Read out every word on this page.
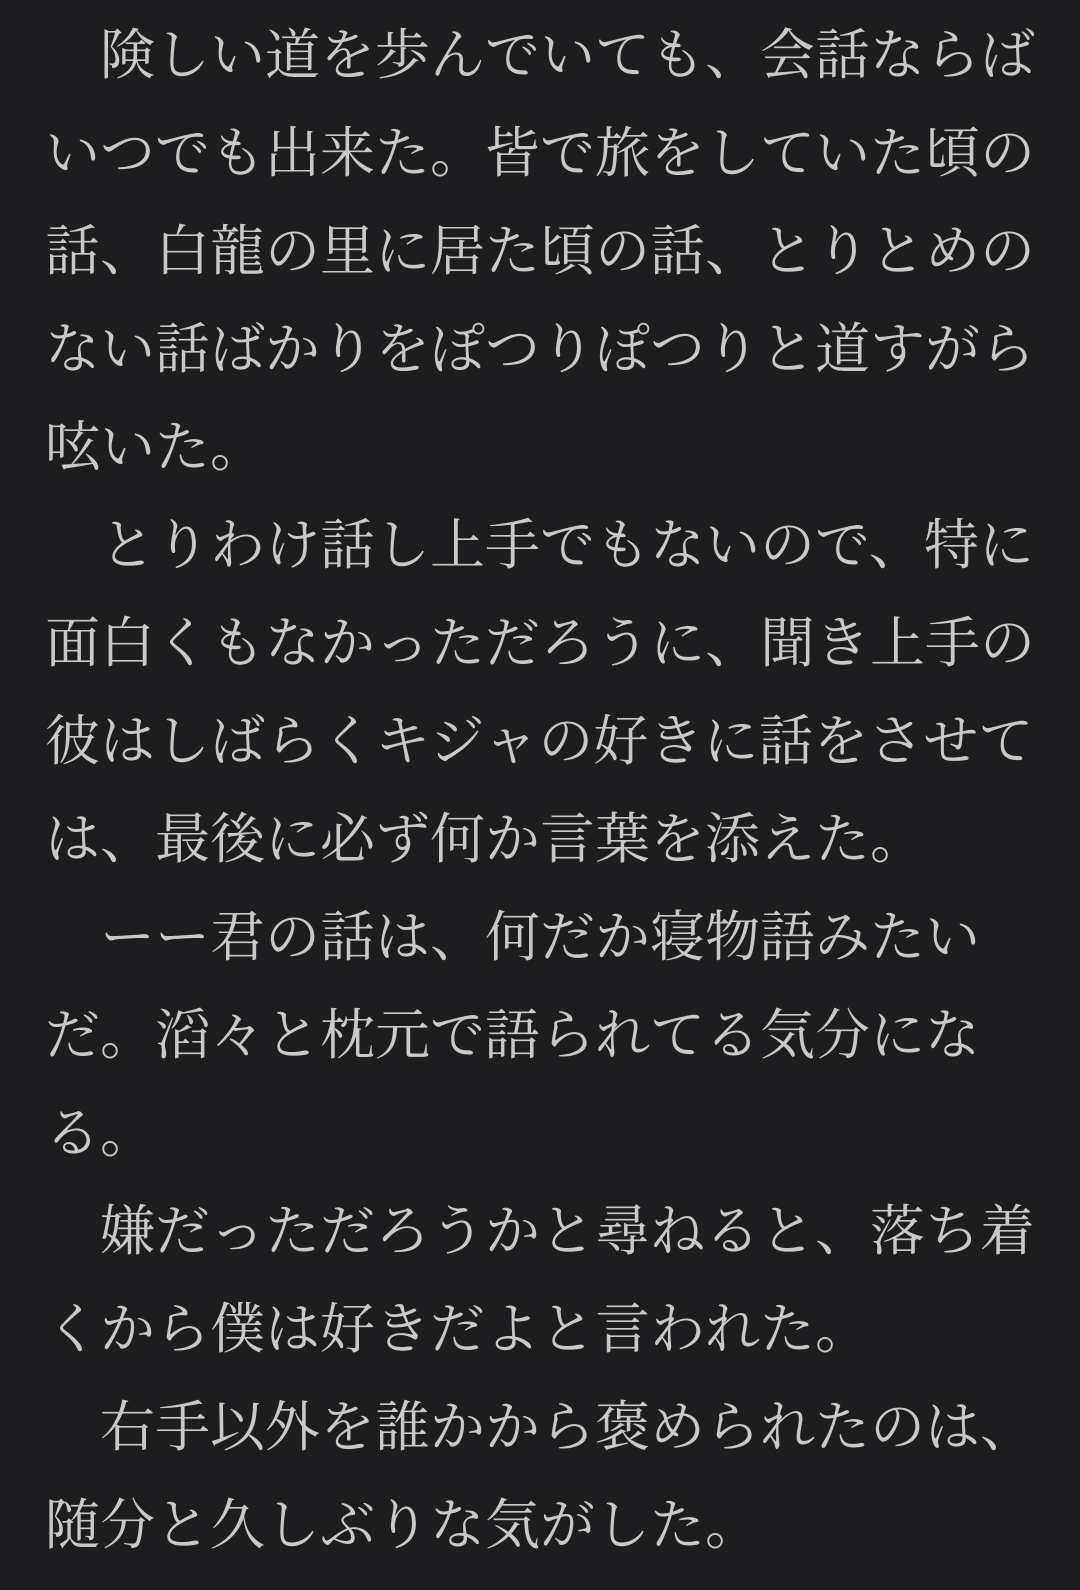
険しい道を歩んでいても、会話ならばいつでも出来た。皆で旅をしていた頃の話、白龍の里に居た頃の話、とりとめのない話ばかりをぽつりぽつりと道すがら呟いた。

とりわけ話し上手でもないので、特に面白くもなかっただろうに、聞き上手の彼はしばらくキジャの好きに話をさせては、最後に必ず何か言葉を添えた。

ーー君の話は、何だか寝物語みたいだ。滔々と枕元で語られてる気分になる。

嫌だっただろうかと尋ねると、落ち着くから僕は好きだよと言われた。

右手以外を誰かから褒められたのは、随分と久しぶりな気がした。
